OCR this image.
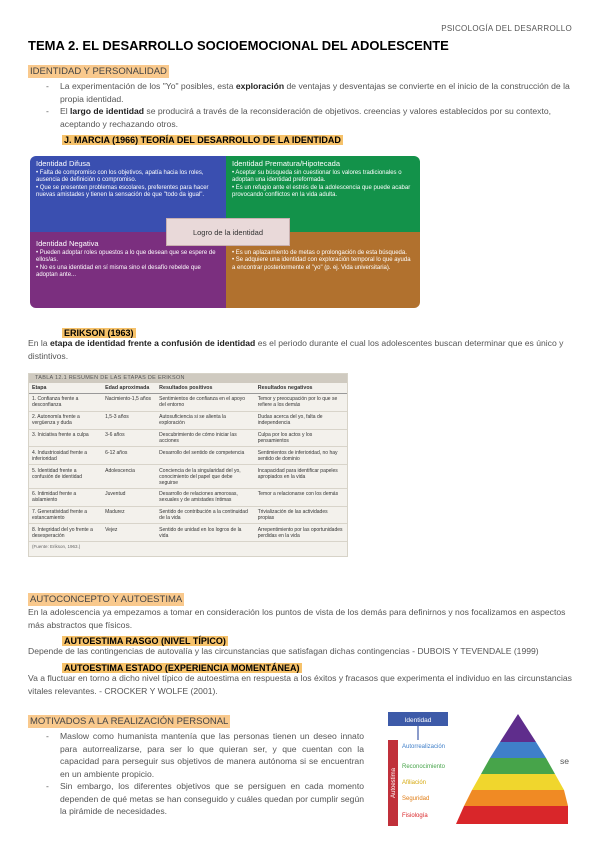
PSICOLOGÍA DEL DESARROLLO
TEMA 2. EL DESARROLLO SOCIOEMOCIONAL DEL ADOLESCENTE
IDENTIDAD Y PERSONALIDAD
- La experimentación de los "Yo" posibles, esta exploración de ventajas y desventajas se convierte en el inicio de la construcción de la propia identidad.
- El largo de identidad se producirá a través de la reconsideración de objetivos. creencias y valores establecidos por su contexto, aceptando y rechazando otros.
J. MARCIA (1966) TEORÍA DEL DESARROLLO DE LA IDENTIDAD
Identidad Difusa
• Falta de compromiso con los objetivos, apatía hacia los roles, ausencia de definición o compromiso.
• Que se presenten problemas escolares, preferentes para hacer nuevas amistades y tienen la sensación de que "todo da igual".
Identidad Prematura/Hipotecada
• Aceptar su búsqueda sin cuestionar los valores tradicionales o adoptan una identidad preformada.
• Es un refugio ante el estrés de la adolescencia que puede acabar provocando conflictos en la vida adulta.
Identidad Negativa
• Pueden adoptar roles opuestos a lo que desean que se espere de ellos/as.
• No es una identidad en sí misma sino el desafío rebelde que adoptan ante...
• Es un aplazamiento de metas o prolongación de esta búsqueda.
• Se adquiere una identidad con exploración temporal lo que ayuda a encontrar posteriormente el "yo" (p. ej. Vida universitaria).
Logro de la identidad
ERIKSON (1963)
En la etapa de identidad frente a confusión de identidad es el periodo durante el cual los adolescentes buscan determinar que es único y distintivos.
TABLA 12.1 RESUMEN DE LAS ETAPAS DE ERIKSON
Etapa	Edad aproximada	Resultados positivos	Resultados negativos
1. Confianza frente a desconfianza	Nacimiento-1,5 años	Sentimientos de confianza en el apoyo del entorno	Temor y preocupación por lo que se refiere a los demás
2. Autonomía frente a vergüenza y duda	1,5-3 años	Autosuficiencia si se alienta la exploración	Dudas acerca del yo, falta de independencia
3. Iniciativa frente a culpa	3-6 años	Descubrimiento de cómo iniciar las acciones	Culpa por los actos y los pensamientos
4. Industriosidad frente a inferioridad	6-12 años	Desarrollo del sentido de competencia	Sentimientos de inferioridad, no hay sentido de dominio
5. Identidad frente a confusión de identidad	Adolescencia	Conciencia de la singularidad del yo, conocimiento del papel que debe seguirse	Incapacidad para identificar papeles apropiados en la vida
6. Intimidad frente a aislamiento	Juventud	Desarrollo de relaciones amorosas, sexuales y de amistades íntimas	Temor a relacionarse con los demás
7. Generatividad frente a estancamiento	Madurez	Sentido de contribución a la continuidad de la vida	Trivialización de las actividades propias
8. Integridad del yo frente a desesperación	Vejez	Sentido de unidad en los logros de la vida	Arrepentimiento por las oportunidades perdidas en la vida
(Fuente: Erikson, 1963.)
AUTOCONCEPTO Y AUTOESTIMA
En la adolescencia ya empezamos a tomar en consideración los puntos de vista de los demás para definirnos y nos focalizamos en aspectos más abstractos que físicos.
AUTOESTIMA RASGO (NIVEL TÍPICO)
Depende de las contingencias de autovalía y las circunstancias que satisfagan dichas contingencias - DUBOIS Y TEVENDALE (1999)
AUTOESTIMA ESTADO (EXPERIENCIA MOMENTÁNEA)
Va a fluctuar en torno a dicho nivel típico de autoestima en respuesta a los éxitos y fracasos que experimenta el individuo en las circunstancias vitales relevantes. - CROCKER Y WOLFE (2001).
MOTIVADOS A LA REALIZACIÓN PERSONAL
- Maslow como humanista mantenía que las personas tienen un deseo innato para autorrealizarse, para ser lo que quieran ser, y que cuentan con la capacidad para perseguir sus objetivos de manera autónoma si se encuentran en un ambiente propicio.
- Sin embargo, los diferentes objetivos que se persiguen en cada momento dependen de qué metas se han conseguido y cuáles quedan por cumplir según la pirámide de necesidades.
se
Identidad
Autoestima
Autorrealización
Reconocimiento
Afiliación
Seguridad
Fisiología
